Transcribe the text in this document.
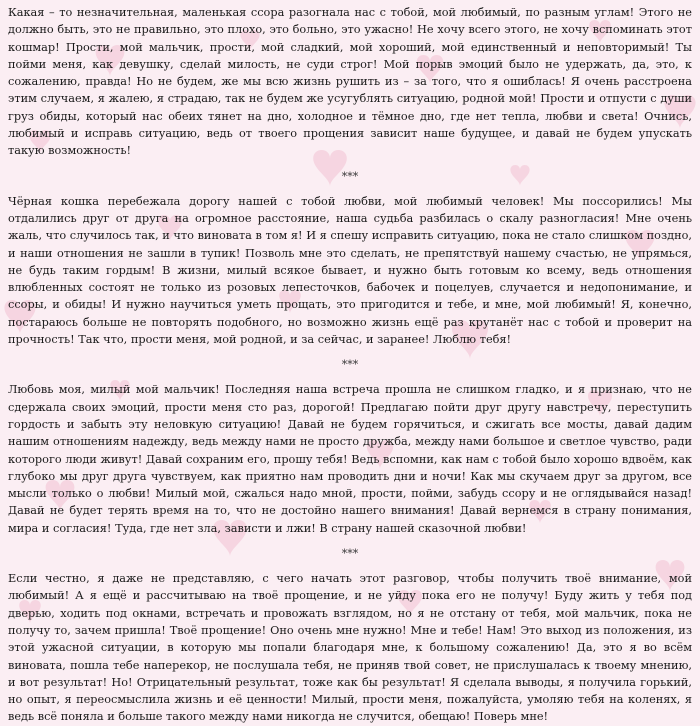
Какая – то незначительная, маленькая ссора разогнала нас с тобой, мой любимый, по разным углам! Этого не должно быть, это не правильно, это плохо, это больно, это ужасно! Не хочу всего этого, не хочу вспоминать этот кошмар! Прости, мой мальчик, прости, мой сладкий, мой хороший, мой единственный и неповторимый! Ты пойми меня, как девушку, сделай милость, не суди строг! Мой порыв эмоций было не удержать, да, это, к сожалению, правда! Но не будем, же мы всю жизнь рушить из – за того, что я ошиблась! Я очень расстроена этим случаем, я жалею, я страдаю, так не будем же усугублять ситуацию, родной мой! Прости и отпусти с души груз обиды, который нас обеих тянет на дно, холодное и тёмное дно, где нет тепла, любви и света! Очнись, любимый и исправь ситуацию, ведь от твоего прощения зависит наше будущее, и давай не будем упускать такую возможность!

***

Чёрная кошка перебежала дорогу нашей с тобой любви, мой любимый человек! Мы поссорились! Мы отдалились друг от друга на огромное расстояние, наша судьба разбилась о скалу разногласия! Мне очень жаль, что случилось так, и что виновата в том я! И я спешу исправить ситуацию, пока не стало слишком поздно, и наши отношения не зашли в тупик! Позволь мне это сделать, не препятствуй нашему счастью, не упрямься, не будь таким гордым! В жизни, милый всякое бывает, и нужно быть готовым ко всему, ведь отношения влюбленных состоят не только из розовых лепесточков, бабочек и поцелуев, случается и недопонимание, и ссоры, и обиды! И нужно научиться уметь прощать, это пригодится и тебе, и мне, мой любимый! Я, конечно, постараюсь больше не повторять подобного, но возможно жизнь ещё раз крутанёт нас с тобой и проверит на прочность! Так что, прости меня, мой родной, и за сейчас, и заранее! Люблю тебя!

***

Любовь моя, милый мой мальчик! Последняя наша встреча прошла не слишком гладко, и я признаю, что не сдержала своих эмоций, прости меня сто раз, дорогой! Предлагаю пойти друг другу навстречу, переступить гордость и забыть эту неловкую ситуацию! Давай не будем горячиться, и сжигать все мосты, давай дадим нашим отношениям надежду, ведь между нами не просто дружба, между нами большое и светлое чувство, ради которого люди живут! Давай сохраним его, прошу тебя! Ведь вспомни, как нам с тобой было хорошо вдвоём, как глубоко мы друг друга чувствуем, как приятно нам проводить дни и ночи! Как мы скучаем друг за другом, все мысли только о любви! Милый мой, сжалься надо мной, прости, пойми, забудь ссору и не оглядывайся назад! Давай не будет терять время на то, что не достойно нашего внимания! Давай вернемся в страну понимания, мира и согласия! Туда, где нет зла, зависти и лжи! В страну нашей сказочной любви!

***

Если честно, я даже не представляю, с чего начать этот разговор, чтобы получить твоё внимание, мой любимый! А я ещё и рассчитываю на твоё прощение, и не уйду пока его не получу! Буду жить у тебя под дверью, ходить под окнами, встречать и провожать взглядом, но я не отстану от тебя, мой мальчик, пока не получу то, зачем пришла! Твоё прощение! Оно очень мне нужно! Мне и тебе! Нам! Это выход из положения, из этой ужасной ситуации, в которую мы попали благодаря мне, к большому сожалению! Да, это я во всём виновата, пошла тебе наперекор, не послушала тебя, не приняв твой совет, не прислушалась к твоему мнению, и вот результат! Но! Отрицательный результат, тоже как бы результат! Я сделала выводы, я получила горький, но опыт, я переосмыслила жизнь и её ценности! Милый, прости меня, пожалуйста, умоляю тебя на коленях, я ведь всё поняла и больше такого между нами никогда не случится, обещаю! Поверь мне!
